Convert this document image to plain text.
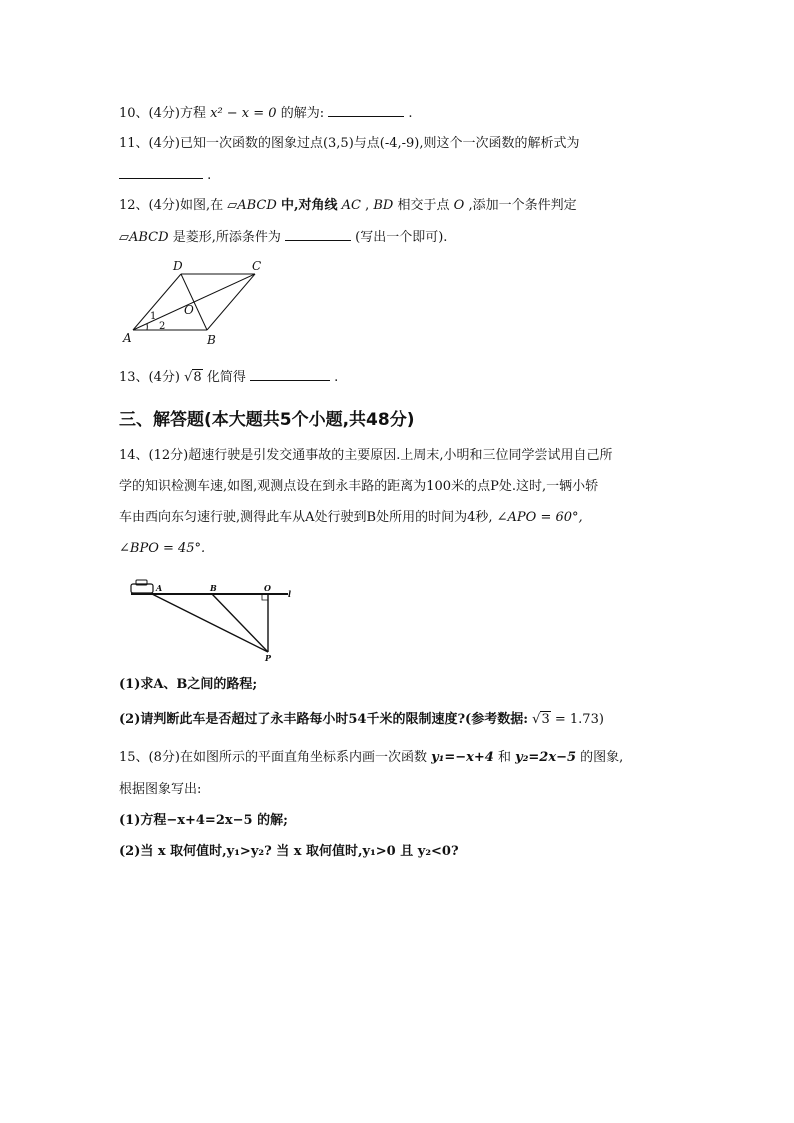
10、(4分)方程 x² − x = 0 的解为:	.
11、(4分)已知一次函数的图象过点(3,5)与点(-4,-9),则这个一次函数的解析式为
.
12、(4分)如图,在 ▱ABCD 中,对角线 AC , BD 相交于点 O ,添加一个条件判定
▱ABCD 是菱形,所添条件为	(写出一个即可).
A	B
C
D
O
1
2
13、(4分) √8 化简得	.
三、解答题(本大题共5个小题,共48分)
14、(12分)超速行驶是引发交通事故的主要原因.上周末,小明和三位同学尝试用自己所
学的知识检测车速,如图,观测点设在到永丰路的距离为100米的点P处.这时,一辆小轿
车由西向东匀速行驶,测得此车从A处行驶到B处所用的时间为4秒, ∠APO = 60°,
∠BPO = 45°.
A	B	O
l
P
(1)求A、B之间的路程;
(2)请判断此车是否超过了永丰路每小时54千米的限制速度?(参考数据: √3 = 1.73)
15、(8分)在如图所示的平面直角坐标系内画一次函数 y₁=−x+4 和 y₂=2x−5 的图象,
根据图象写出:
(1)方程−x+4=2x−5 的解;
(2)当 x 取何值时,y₁>y₂? 当 x 取何值时,y₁>0 且 y₂<0?
